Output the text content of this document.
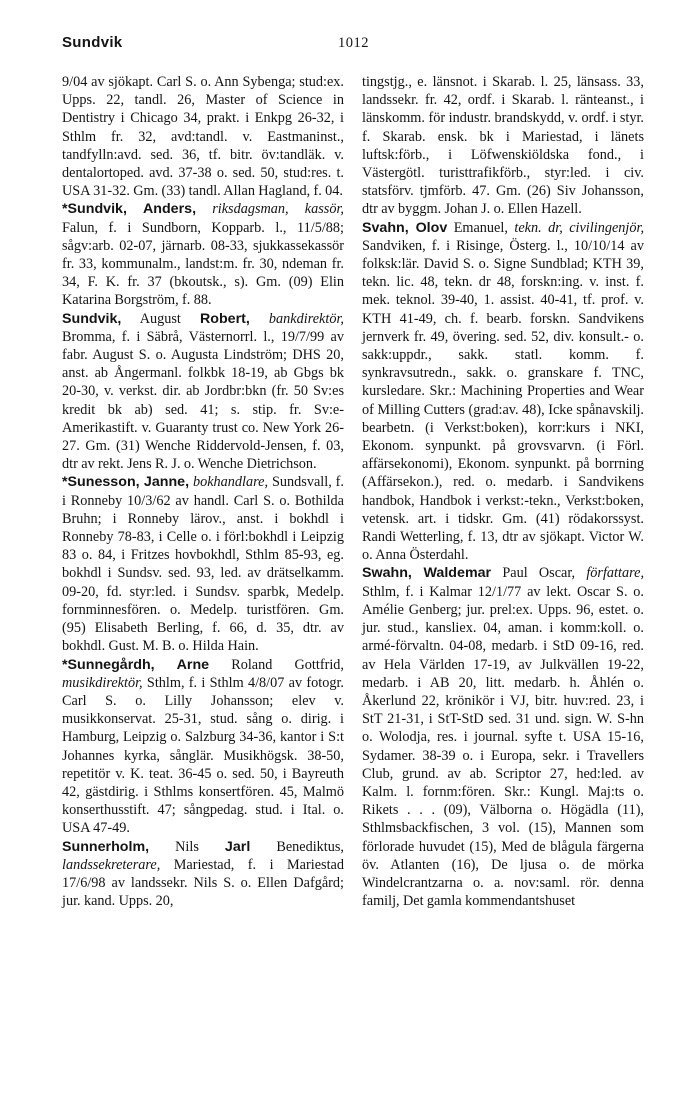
Sundvik	1012

9/04 av sjökapt. Carl S. o. Ann Sybenga; stud:ex. Upps. 22, tandl. 26, Master of Science in Dentistry i Chicago 34, prakt. i Enkpg 26-32, i Sthlm fr. 32, avd:tandl. v. Eastmaninst., tandfylln:avd. sed. 36, tf. bitr. öv:tandläk. v. dentalortoped. avd. 37-38 o. sed. 50, stud:res. t. USA 31-32. Gm. (33) tandl. Allan Hagland, f. 04.

*Sundvik, Anders, riksdagsman, kassör, Falun, f. i Sundborn, Kopparb. l., 11/5/88; sågv:arb. 02-07, järnarb. 08-33, sjukkassekassör fr. 33, kommunalm., landst:m. fr. 30, ndeman fr. 34, F. K. fr. 37 (bkoutsk., s). Gm. (09) Elin Katarina Borgström, f. 88.

Sundvik, August Robert, bankdirektör, Bromma, f. i Säbrå, Västernorrl. l., 19/7/99 av fabr. August S. o. Augusta Lindström; DHS 20, anst. ab Ångermanl. folkbk 18-19, ab Gbgs bk 20-30, v. verkst. dir. ab Jordbr:bkn (fr. 50 Sv:es kredit bk ab) sed. 41; s. stip. fr. Sv:e-Amerikastift. v. Guaranty trust co. New York 26-27. Gm. (31) Wenche Riddervold-Jensen, f. 03, dtr av rekt. Jens R. J. o. Wenche Dietrichson.

*Sunesson, Janne, bokhandlare, Sundsvall, f. i Ronneby 10/3/62 av handl. Carl S. o. Bothilda Bruhn; i Ronneby lärov., anst. i bokhdl i Ronneby 78-83, i Celle o. i förl:bokhdl i Leipzig 83 o. 84, i Fritzes hovbokhdl, Sthlm 85-93, eg. bokhdl i Sundsv. sed. 93, led. av drätselkamm. 09-20, fd. styr:led. i Sundsv. sparbk, Medelp. fornminnesfören. o. Medelp. turistfören. Gm. (95) Elisabeth Berling, f. 66, d. 35, dtr. av bokhdl. Gust. M. B. o. Hilda Hain.

*Sunnegårdh, Arne Roland Gottfrid, musikdirektör, Sthlm, f. i Sthlm 4/8/07 av fotogr. Carl S. o. Lilly Johansson; elev v. musikkonservat. 25-31, stud. sång o. dirig. i Hamburg, Leipzig o. Salzburg 34-36, kantor i S:t Johannes kyrka, sånglär. Musikhögsk. 38-50, repetitör v. K. teat. 36-45 o. sed. 50, i Bayreuth 42, gästdirig. i Sthlms konsertfören. 45, Malmö konserthusstift. 47; sångpedag. stud. i Ital. o. USA 47-49.

Sunnerholm, Nils Jarl Benediktus, landssekreterare, Mariestad, f. i Mariestad 17/6/98 av landssekr. Nils S. o. Ellen Dafgård; jur. kand. Upps. 20,

tingstjg., e. länsnot. i Skarab. l. 25, länsass. 33, landssekr. fr. 42, ordf. i Skarab. l. ränteanst., i länskomm. för industr. brandskydd, v. ordf. i styr. f. Skarab. ensk. bk i Mariestad, i länets luftsk:förb., i Löfwenskiöldska fond., i Västergötl. turisttrafikförb., styr:led. i civ. statsförv. tjmförb. 47. Gm. (26) Siv Johansson, dtr av byggm. Johan J. o. Ellen Hazell.

Svahn, Olov Emanuel, tekn. dr, civilingenjör, Sandviken, f. i Risinge, Österg. l., 10/10/14 av folksk:lär. David S. o. Signe Sundblad; KTH 39, tekn. lic. 48, tekn. dr 48, forskn:ing. v. inst. f. mek. teknol. 39-40, 1. assist. 40-41, tf. prof. v. KTH 41-49, ch. f. bearb. forskn. Sandvikens jernverk fr. 49, övering. sed. 52, div. konsult.- o. sakk:uppdr., sakk. statl. komm. f. synkravsutredn., sakk. o. granskare f. TNC, kursledare. Skr.: Machining Properties and Wear of Milling Cutters (grad:av. 48), Icke spånavskilj. bearbetn. (i Verkst:boken), korr:kurs i NKI, Ekonom. synpunkt. på grovsvarvn. (i Förl. affärsekonomi), Ekonom. synpunkt. på borrning (Affärsekon.), red. o. medarb. i Sandvikens handbok, Handbok i verkst:-tekn., Verkst:boken, vetensk. art. i tidskr. Gm. (41) rödakorssyst. Randi Wetterling, f. 13, dtr av sjökapt. Victor W. o. Anna Österdahl.

Swahn, Waldemar Paul Oscar, författare, Sthlm, f. i Kalmar 12/1/77 av lekt. Oscar S. o. Amélie Genberg; jur. prel:ex. Upps. 96, estet. o. jur. stud., kansliex. 04, aman. i komm:koll. o. armé-förvaltn. 04-08, medarb. i StD 09-16, red. av Hela Världen 17-19, av Julkvällen 19-22, medarb. i AB 20, litt. medarb. h. Åhlén o. Åkerlund 22, krönikör i VJ, bitr. huv:red. 23, i StT 21-31, i StT-StD sed. 31 und. sign. W. S-hn o. Wolodja, res. i journal. syfte t. USA 15-16, Sydamer. 38-39 o. i Europa, sekr. i Travellers Club, grund. av ab. Scriptor 27, hed:led. av Kalm. l. fornm:fören. Skr.: Kungl. Maj:ts o. Rikets . . . (09), Välborna o. Högädla (11), Sthlmsbackfischen, 3 vol. (15), Mannen som förlorade huvudet (15), Med de blågula färgerna öv. Atlanten (16), De ljusa o. de mörka Windelcrantzarna o. a. nov:saml. rör. denna familj, Det gamla kommendantshuset
